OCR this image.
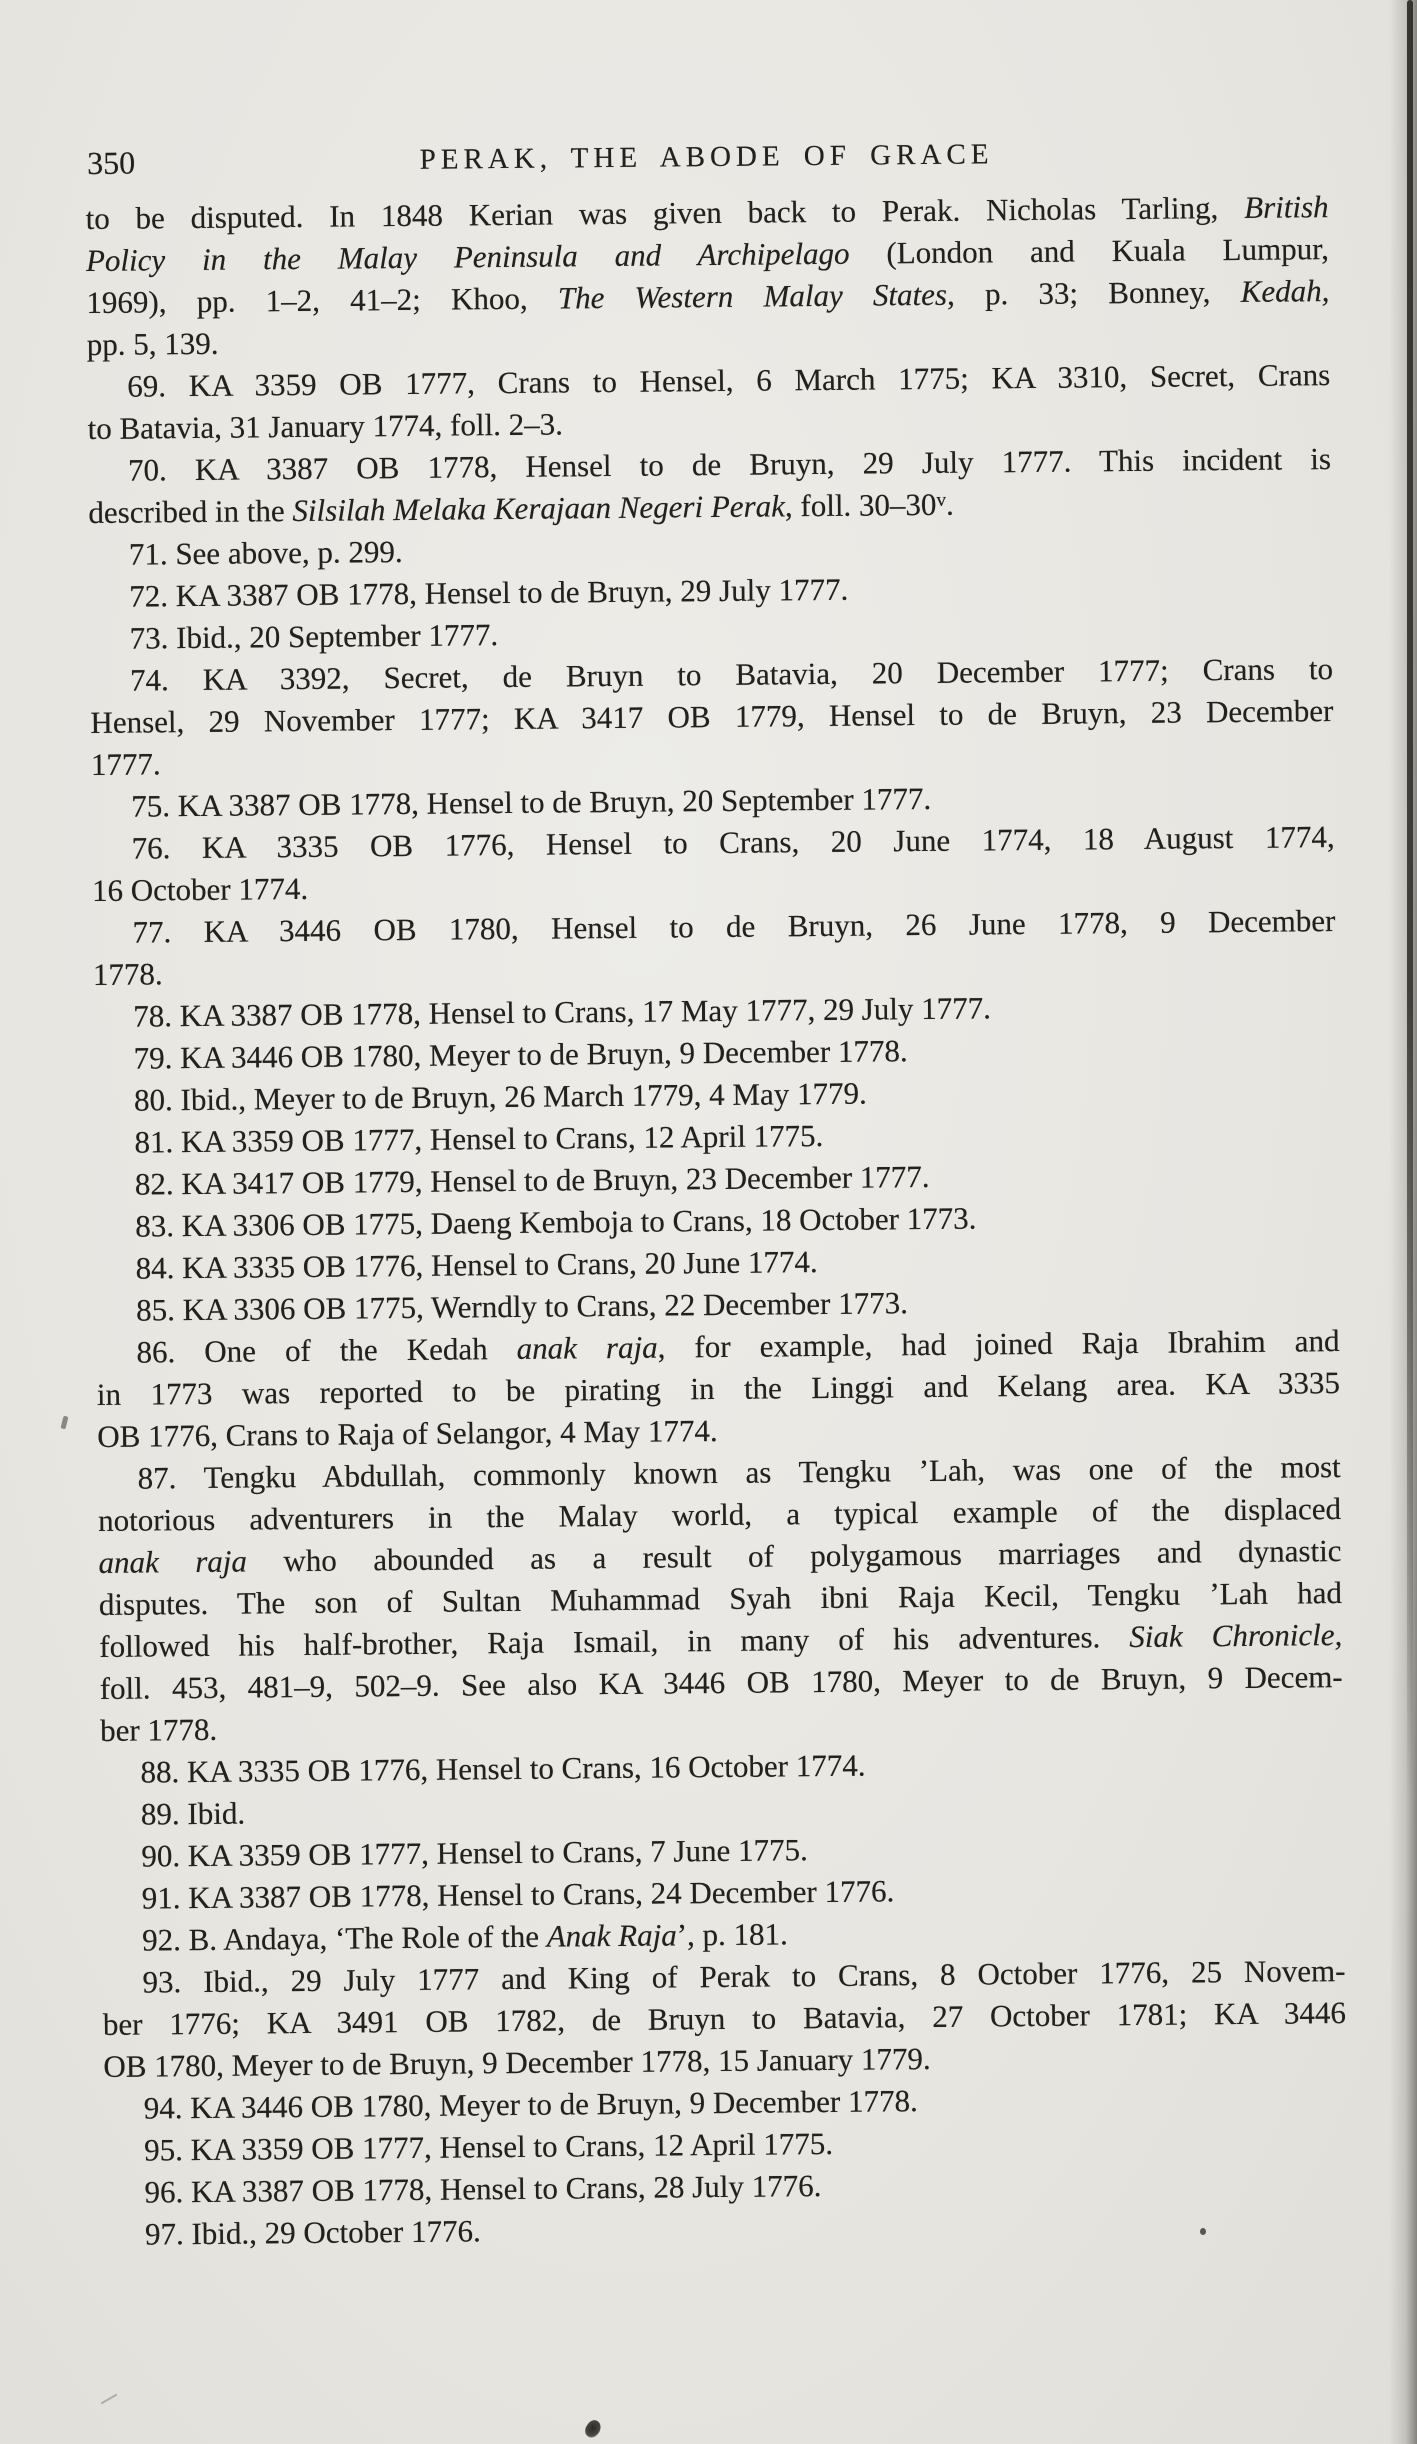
350	PERAK, THE ABODE OF GRACE
to be disputed. In 1848 Kerian was given back to Perak. Nicholas Tarling, British
Policy in the Malay Peninsula and Archipelago (London and Kuala Lumpur,
1969), pp. 1–2, 41–2; Khoo, The Western Malay States, p. 33; Bonney, Kedah,
pp. 5, 139.
69. KA 3359 OB 1777, Crans to Hensel, 6 March 1775; KA 3310, Secret, Crans
to Batavia, 31 January 1774, foll. 2–3.
70. KA 3387 OB 1778, Hensel to de Bruyn, 29 July 1777. This incident is
described in the Silsilah Melaka Kerajaan Negeri Perak, foll. 30–30$^v$.
71. See above, p. 299.
72. KA 3387 OB 1778, Hensel to de Bruyn, 29 July 1777.
73. Ibid., 20 September 1777.
74. KA 3392, Secret, de Bruyn to Batavia, 20 December 1777; Crans to
Hensel, 29 November 1777; KA 3417 OB 1779, Hensel to de Bruyn, 23 December
1777.
75. KA 3387 OB 1778, Hensel to de Bruyn, 20 September 1777.
76. KA 3335 OB 1776, Hensel to Crans, 20 June 1774, 18 August 1774,
16 October 1774.
77. KA 3446 OB 1780, Hensel to de Bruyn, 26 June 1778, 9 December
1778.
78. KA 3387 OB 1778, Hensel to Crans, 17 May 1777, 29 July 1777.
79. KA 3446 OB 1780, Meyer to de Bruyn, 9 December 1778.
80. Ibid., Meyer to de Bruyn, 26 March 1779, 4 May 1779.
81. KA 3359 OB 1777, Hensel to Crans, 12 April 1775.
82. KA 3417 OB 1779, Hensel to de Bruyn, 23 December 1777.
83. KA 3306 OB 1775, Daeng Kemboja to Crans, 18 October 1773.
84. KA 3335 OB 1776, Hensel to Crans, 20 June 1774.
85. KA 3306 OB 1775, Werndly to Crans, 22 December 1773.
86. One of the Kedah anak raja, for example, had joined Raja Ibrahim and
in 1773 was reported to be pirating in the Linggi and Kelang area. KA 3335
OB 1776, Crans to Raja of Selangor, 4 May 1774.
87. Tengku Abdullah, commonly known as Tengku ’Lah, was one of the most
notorious adventurers in the Malay world, a typical example of the displaced
anak raja who abounded as a result of polygamous marriages and dynastic
disputes. The son of Sultan Muhammad Syah ibni Raja Kecil, Tengku ’Lah had
followed his half-brother, Raja Ismail, in many of his adventures. Siak Chronicle,
foll. 453, 481–9, 502–9. See also KA 3446 OB 1780, Meyer to de Bruyn, 9 Decem-
ber 1778.
88. KA 3335 OB 1776, Hensel to Crans, 16 October 1774.
89. Ibid.
90. KA 3359 OB 1777, Hensel to Crans, 7 June 1775.
91. KA 3387 OB 1778, Hensel to Crans, 24 December 1776.
92. B. Andaya, ‘The Role of the Anak Raja’, p. 181.
93. Ibid., 29 July 1777 and King of Perak to Crans, 8 October 1776, 25 Novem-
ber 1776; KA 3491 OB 1782, de Bruyn to Batavia, 27 October 1781; KA 3446
OB 1780, Meyer to de Bruyn, 9 December 1778, 15 January 1779.
94. KA 3446 OB 1780, Meyer to de Bruyn, 9 December 1778.
95. KA 3359 OB 1777, Hensel to Crans, 12 April 1775.
96. KA 3387 OB 1778, Hensel to Crans, 28 July 1776.
97. Ibid., 29 October 1776.
